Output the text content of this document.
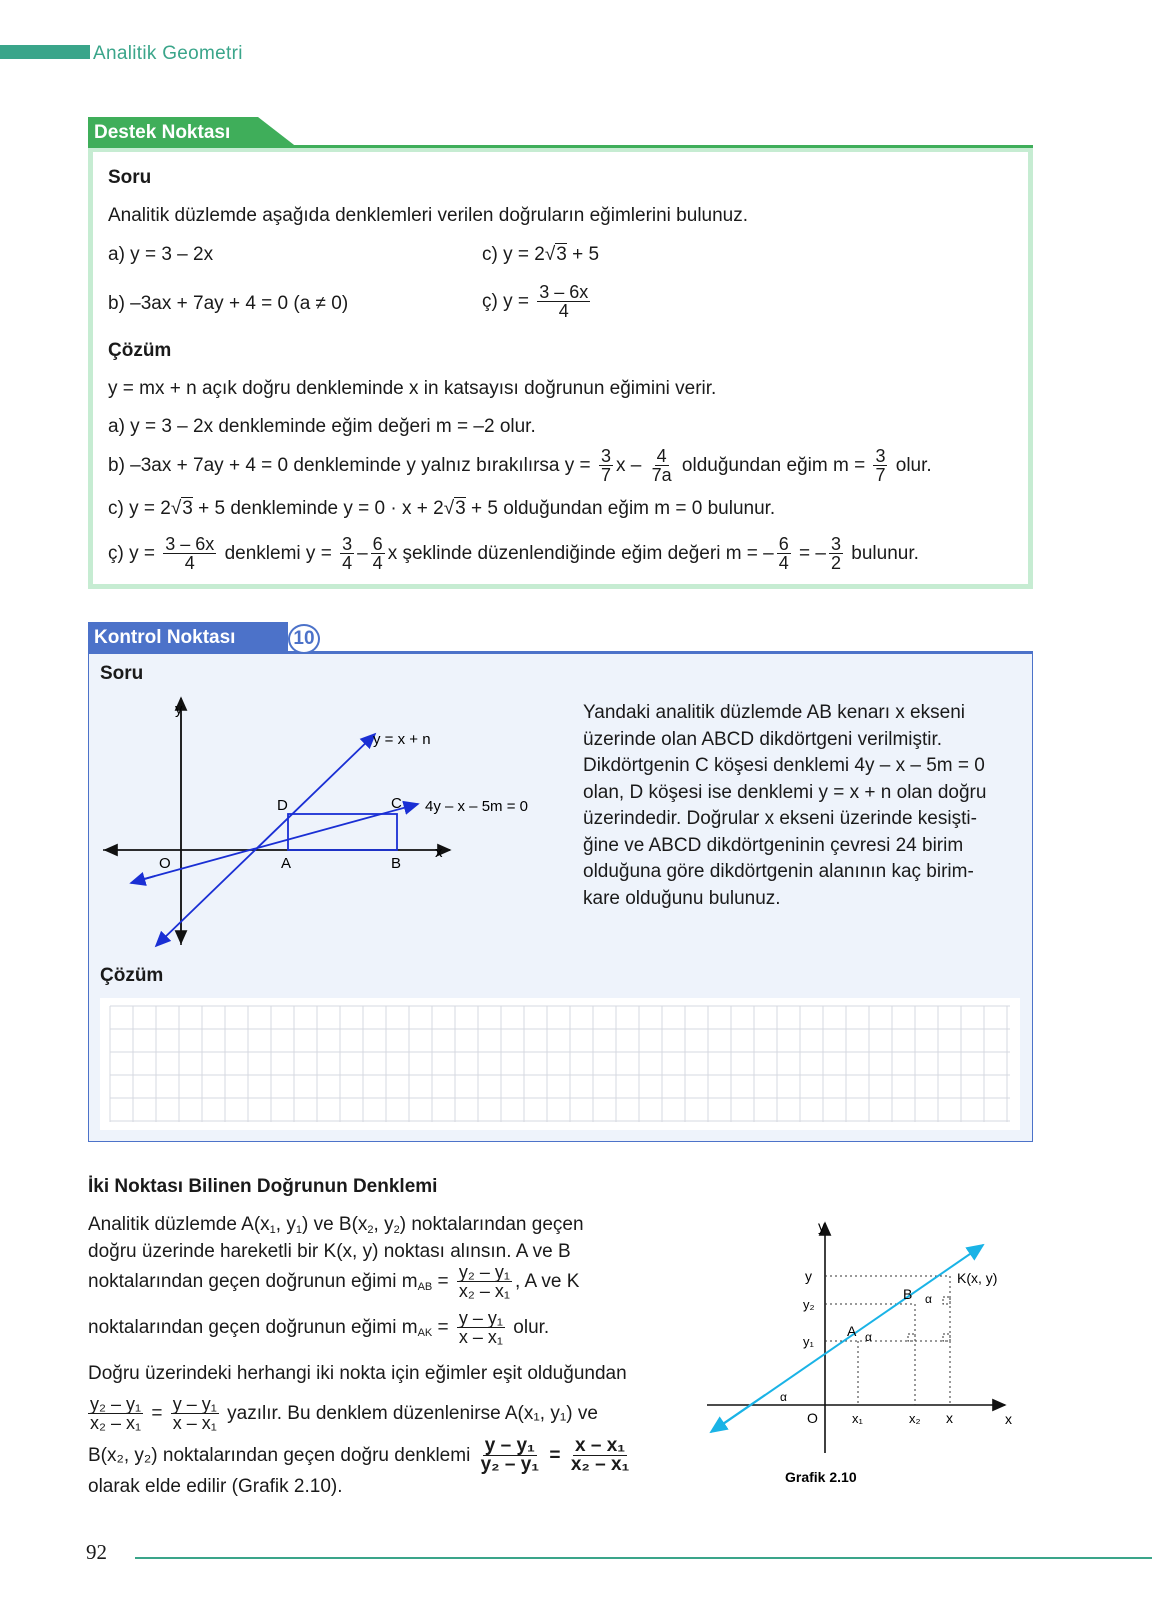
Analitik Geometri
Destek Noktası
Soru
Analitik düzlemde aşağıda denklemleri verilen doğruların eğimlerini bulunuz.
a) y = 3 – 2x	c) y = 2√3 + 5
b) –3ax + 7ay + 4 = 0 (a ≠ 0)	ç) $y = \frac{3 - 6x}{4}$
Çözüm
y = mx + n açık doğru denkleminde x in katsayısı doğrunun eğimini verir.
a) y = 3 – 2x denkleminde eğim değeri m = –2 olur.
b) –3ax + 7ay + 4 = 0 denkleminde y yalnız bırakılırsa $y = \frac{3}{7}$ x – $\frac{4}{7a}$ olduğundan eğim $m = \frac{3}{7}$ olur.
c) y = 2√3 + 5 denkleminde y = 0 · x + 2√3 + 5 olduğundan eğim m = 0 bulunur.
ç) $y = \frac{3 - 6x}{4}$ denklemi $y = \frac{3}{4} - \frac{6}{4}$ x şeklinde düzenlendiğinde eğim değeri m = – $\frac{6}{4}$ = – $\frac{3}{2}$ bulunur.
Kontrol Noktası	10
Soru
y
x
O
y = x + n
4y – x – 5m = 0
A	B
C
D
Yandaki analitik düzlemde AB kenarı x ekseni
üzerinde olan ABCD dikdörtgeni verilmiştir.
Dikdörtgenin C köşesi denklemi 4y – x – 5m = 0
olan, D köşesi ise denklemi y = x + n olan doğru
üzerindedir. Doğrular x ekseni üzerinde kesişti-
ğine ve ABCD dikdörtgeninin çevresi 24 birim
olduğuna göre dikdörtgenin alanının kaç birim-
kare olduğunu bulunuz.
Çözüm
İki Noktası Bilinen Doğrunun Denklemi
Analitik düzlemde $A(x_1$, $y_1$) ve $B(x_2$, $y_2$) noktalarından geçen
doğru üzerinde hareketli bir K(x, y) noktası alınsın. A ve B
noktalarından geçen doğrunun eğimi $m_{AB} = \frac{\text{y₂ – y₁}}{\text{x₂ – x₁}}$ , A ve K
noktalarından geçen doğrunun eğimi $m_{AK} = \frac{\text{y – y₁}}{\text{x – x₁}}$ olur.
Doğru üzerindeki herhangi iki nokta için eğimler eşit olduğundan
$\frac{\text{y₂ – y₁}}{\text{x₂ – x₁}} = \frac{\text{y – y₁}}{\text{x – x₁}}$ yazılır. Bu denklem düzenlenirse A(x₁, y₁) ve
B(x₂, y₂) noktalarından geçen doğru denklemi $\frac{\text{y – y₁}}{\text{y₂ – y₁}} = \frac{\text{x – x₁}}{\text{x₂ – x₁}}$
olarak elde edilir (Grafik 2.10).
y
x
O
y
y₂
y₁
x₁	x₂ x
A
B
K(x, y)
α
α
α
Grafik 2.10
92
